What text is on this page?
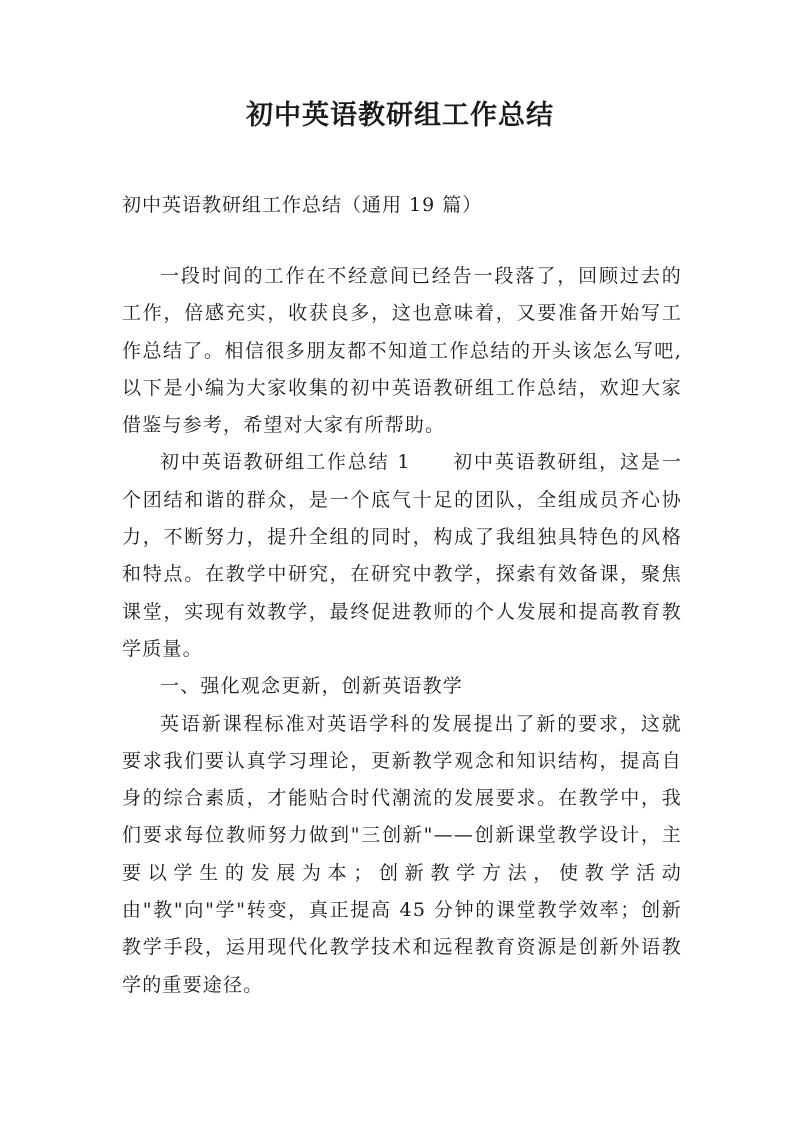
初中英语教研组工作总结

初中英语教研组工作总结（通用 19 篇）

一段时间的工作在不经意间已经告一段落了，回顾过去的工作，倍感充实，收获良多，这也意味着，又要准备开始写工作总结了。相信很多朋友都不知道工作总结的开头该怎么写吧,以下是小编为大家收集的初中英语教研组工作总结，欢迎大家借鉴与参考，希望对大家有所帮助。

初中英语教研组工作总结 1　　初中英语教研组，这是一个团结和谐的群众，是一个底气十足的团队，全组成员齐心协力，不断努力，提升全组的同时，构成了我组独具特色的风格和特点。在教学中研究，在研究中教学，探索有效备课，聚焦课堂，实现有效教学，最终促进教师的个人发展和提高教育教学质量。

一、强化观念更新，创新英语教学

英语新课程标准对英语学科的发展提出了新的要求，这就要求我们要认真学习理论，更新教学观念和知识结构，提高自身的综合素质，才能贴合时代潮流的发展要求。在教学中，我们要求每位教师努力做到"三创新"——创新课堂教学设计，主要以学生的发展为本；创新教学方法，使教学活动由"教"向"学"转变，真正提高 45 分钟的课堂教学效率；创新教学手段，运用现代化教学技术和远程教育资源是创新外语教学的重要途径。
